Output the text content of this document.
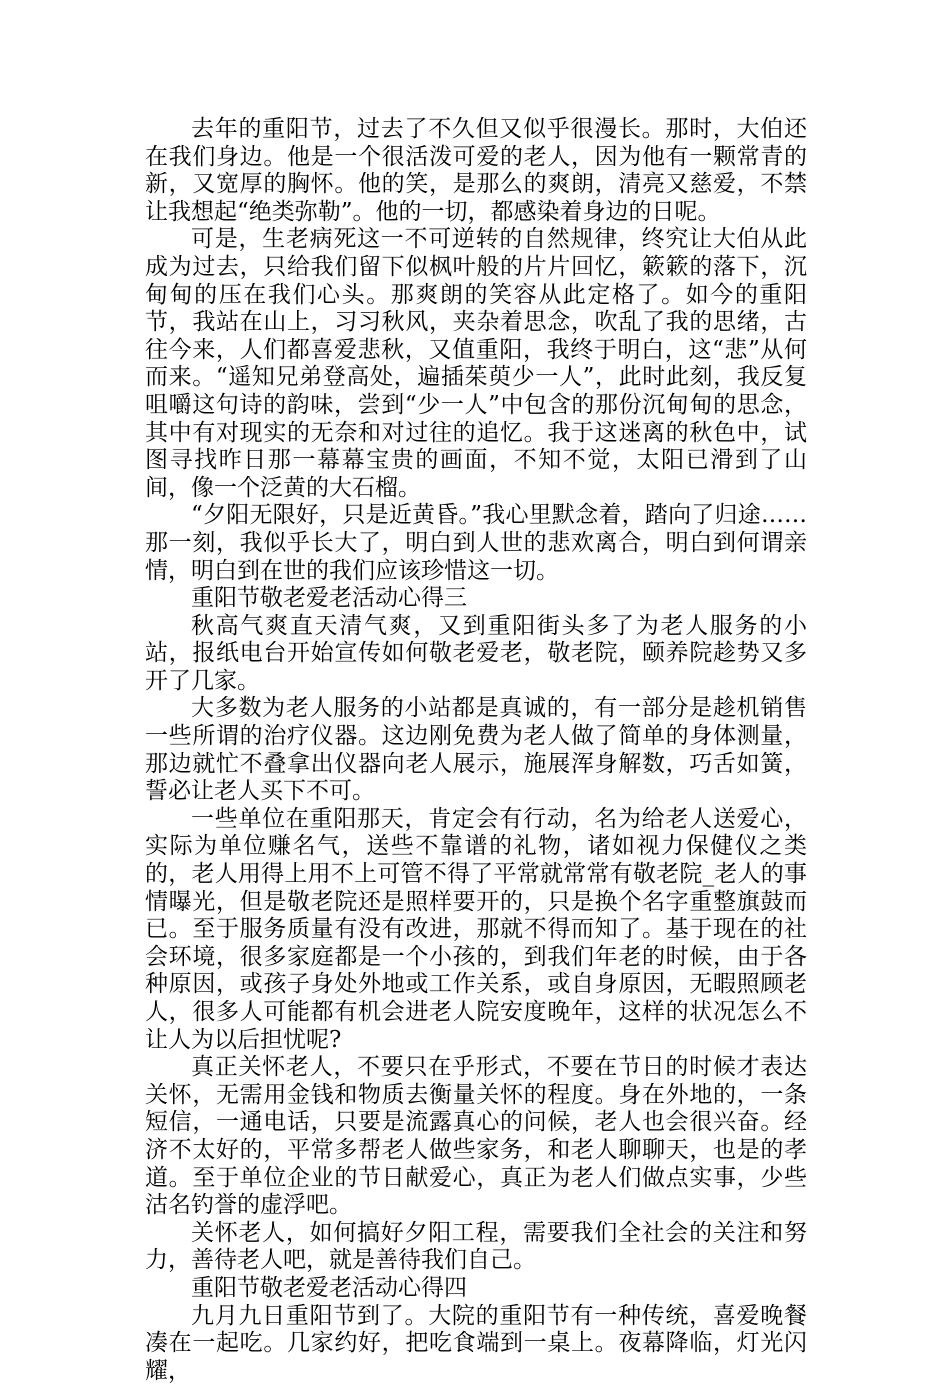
去年的重阳节，过去了不久但又似乎很漫长。那时，大伯还在我们身边。他是一个很活泼可爱的老人，因为他有一颗常青的新，又宽厚的胸怀。他的笑，是那么的爽朗，清亮又慈爱，不禁让我想起“绝类弥勒”。他的一切，都感染着身边的日呢。

可是，生老病死这一不可逆转的自然规律，终究让大伯从此成为过去，只给我们留下似枫叶般的片片回忆，簌簌的落下，沉甸甸的压在我们心头。那爽朗的笑容从此定格了。如今的重阳节，我站在山上，习习秋风，夹杂着思念，吹乱了我的思绪，古往今来，人们都喜爱悲秋，又值重阳，我终于明白，这“悲”从何而来。“遥知兄弟登高处，遍插茱萸少一人”，此时此刻，我反复咀嚼这句诗的韵味，尝到“少一人”中包含的那份沉甸甸的思念，其中有对现实的无奈和对过往的追忆。我于这迷离的秋色中，试图寻找昨日那一幕幕宝贵的画面，不知不觉，太阳已滑到了山间，像一个泛黄的大石榴。

“夕阳无限好，只是近黄昏。”我心里默念着，踏向了归途……那一刻，我似乎长大了，明白到人世的悲欢离合，明白到何谓亲情，明白到在世的我们应该珍惜这一切。

重阳节敬老爱老活动心得三

秋高气爽直天清气爽，又到重阳街头多了为老人服务的小站，报纸电台开始宣传如何敬老爱老，敬老院，颐养院趁势又多开了几家。

大多数为老人服务的小站都是真诚的，有一部分是趁机销售一些所谓的治疗仪器。这边刚免费为老人做了简单的身体测量，那边就忙不叠拿出仪器向老人展示，施展浑身解数，巧舌如簧，誓必让老人买下不可。

一些单位在重阳那天，肯定会有行动，名为给老人送爱心，实际为单位赚名气，送些不靠谱的礼物，诸如视力保健仪之类的，老人用得上用不上可管不得了平常就常常有敬老院_老人的事情曝光，但是敬老院还是照样要开的，只是换个名字重整旗鼓而已。至于服务质量有没有改进，那就不得而知了。基于现在的社会环境，很多家庭都是一个小孩的，到我们年老的时候，由于各种原因，或孩子身处外地或工作关系，或自身原因，无暇照顾老人，很多人可能都有机会进老人院安度晚年，这样的状况怎么不让人为以后担忧呢?

真正关怀老人，不要只在乎形式，不要在节日的时候才表达关怀，无需用金钱和物质去衡量关怀的程度。身在外地的，一条短信，一通电话，只要是流露真心的问候，老人也会很兴奋。经济不太好的，平常多帮老人做些家务，和老人聊聊天，也是的孝道。至于单位企业的节日献爱心，真正为老人们做点实事，少些沽名钓誉的虚浮吧。

关怀老人，如何搞好夕阳工程，需要我们全社会的关注和努力，善待老人吧，就是善待我们自己。

重阳节敬老爱老活动心得四

九月九日重阳节到了。大院的重阳节有一种传统，喜爱晚餐凑在一起吃。几家约好，把吃食端到一桌上。夜幕降临，灯光闪耀，
